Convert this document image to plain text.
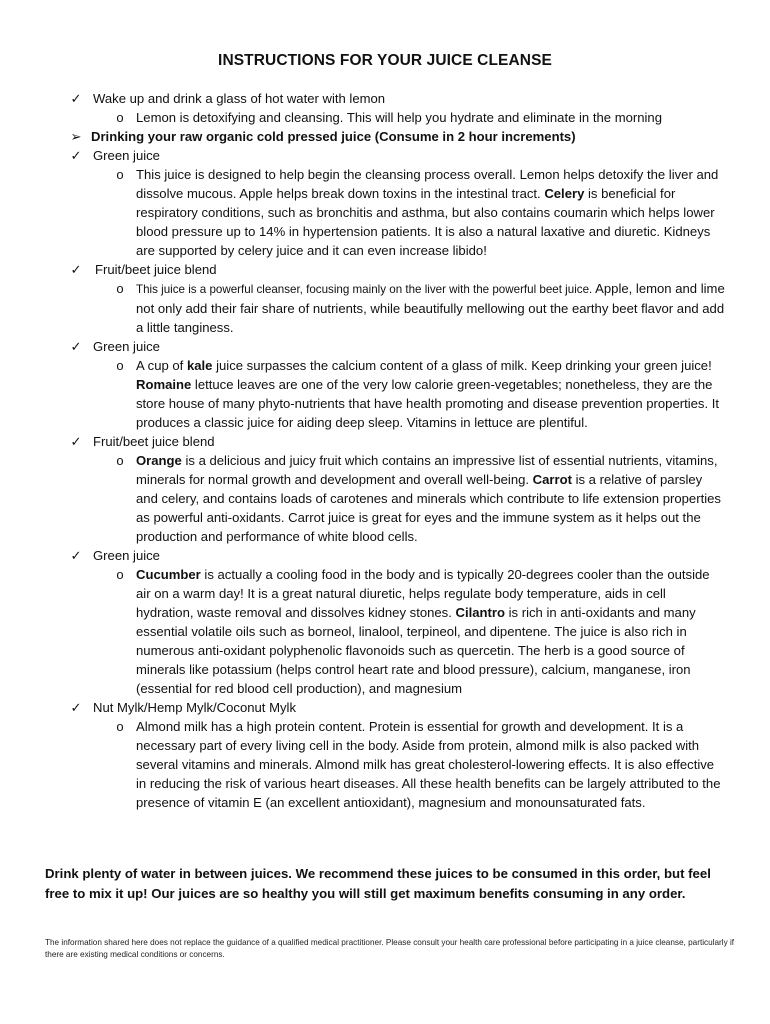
INSTRUCTIONS FOR YOUR JUICE CLEANSE
✓ Wake up and drink a glass of hot water with lemon
o Lemon is detoxifying and cleansing. This will help you hydrate and eliminate in the morning
➢ Drinking your raw organic cold pressed juice (Consume in 2 hour increments)
✓ Green juice
o This juice is designed to help begin the cleansing process overall. Lemon helps detoxify the liver and dissolve mucous. Apple helps break down toxins in the intestinal tract. Celery is beneficial for respiratory conditions, such as bronchitis and asthma, but also contains coumarin which helps lower blood pressure up to 14% in hypertension patients. It is also a natural laxative and diuretic. Kidneys are supported by celery juice and it can even increase libido!
✓ Fruit/beet juice blend
o	This juice is a powerful cleanser, focusing mainly on the liver with the powerful beet juice. Apple, lemon and lime not only add their fair share of nutrients, while beautifully mellowing out the earthy beet flavor and add a little tanginess.
✓ Green juice
o A cup of kale juice surpasses the calcium content of a glass of milk. Keep drinking your green juice! Romaine lettuce leaves are one of the very low calorie green-vegetables; nonetheless, they are the store house of many phyto-nutrients that have health promoting and disease prevention properties. It produces a classic juice for aiding deep sleep. Vitamins in lettuce are plentiful.
✓ Fruit/beet juice blend
o Orange is a delicious and juicy fruit which contains an impressive list of essential nutrients, vitamins, minerals for normal growth and development and overall well-being. Carrot is a relative of parsley and celery, and contains loads of carotenes and minerals which contribute to life extension properties as powerful anti-oxidants. Carrot juice is great for eyes and the immune system as it helps out the production and performance of white blood cells.
✓ Green juice
o Cucumber is actually a cooling food in the body and is typically 20-degrees cooler than the outside air on a warm day! It is a great natural diuretic, helps regulate body temperature, aids in cell hydration, waste removal and dissolves kidney stones. Cilantro is rich in anti-oxidants and many essential volatile oils such as borneol, linalool, terpineol, and dipentene. The juice is also rich in numerous anti-oxidant polyphenolic flavonoids such as quercetin. The herb is a good source of minerals like potassium (helps control heart rate and blood pressure), calcium, manganese, iron (essential for red blood cell production), and magnesium
✓ Nut Mylk/Hemp Mylk/Coconut Mylk
o Almond milk has a high protein content. Protein is essential for growth and development. It is a necessary part of every living cell in the body. Aside from protein, almond milk is also packed with several vitamins and minerals. Almond milk has great cholesterol-lowering effects. It is also effective in reducing the risk of various heart diseases. All these health benefits can be largely attributed to the presence of vitamin E (an excellent antioxidant), magnesium and monounsaturated fats.
Drink plenty of water in between juices. We recommend these juices to be consumed in this order, but feel free to mix it up! Our juices are so healthy you will still get maximum benefits consuming in any order.
The information shared here does not replace the guidance of a qualified medical practitioner. Please consult your health care professional before participating in a juice cleanse, particularly if there are existing medical conditions or concerns.
